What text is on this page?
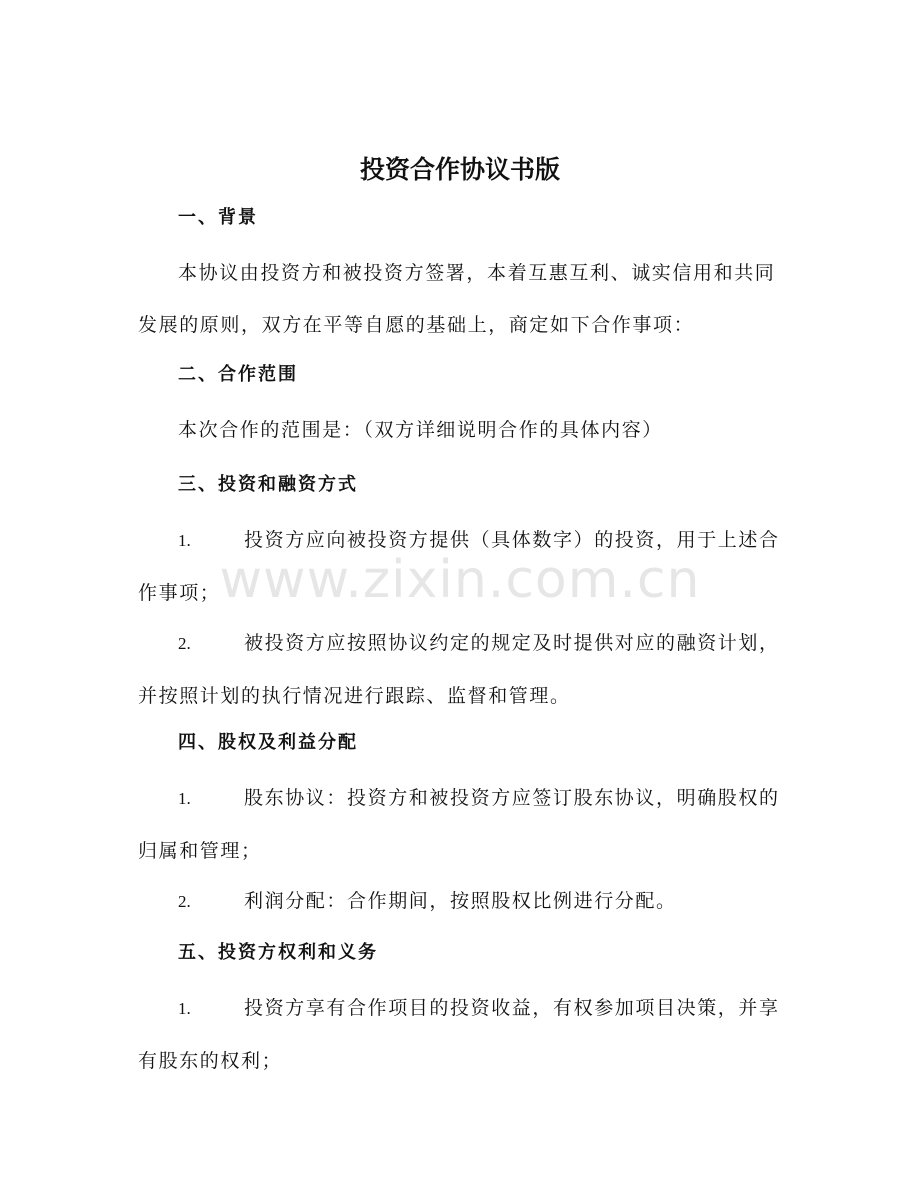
投资合作协议书版
一、背景

本协议由投资方和被投资方签署，本着互惠互利、诚实信用和共同发展的原则，双方在平等自愿的基础上，商定如下合作事项：

二、合作范围

本次合作的范围是：（双方详细说明合作的具体内容）

三、投资和融资方式

1.	投资方应向被投资方提供（具体数字）的投资，用于上述合作事项；

2.	被投资方应按照协议约定的规定及时提供对应的融资计划，并按照计划的执行情况进行跟踪、监督和管理。

四、股权及利益分配

1.	股东协议：投资方和被投资方应签订股东协议，明确股权的归属和管理；

2.	利润分配：合作期间，按照股权比例进行分配。

五、投资方权利和义务

1.	投资方享有合作项目的投资收益，有权参加项目决策，并享有股东的权利；

www.zixin.com.cn
